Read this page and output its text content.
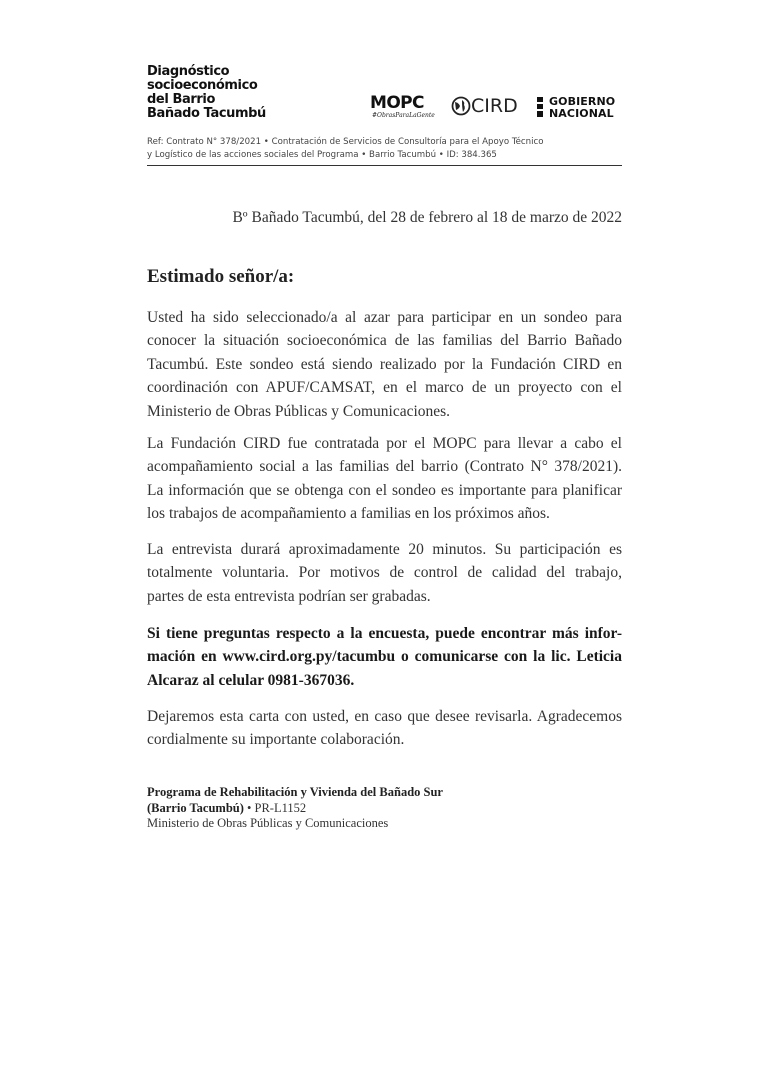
Diagnóstico
socioeconómico
del Barrio
Bañado Tacumbú
MOPC
#ObrasParaLaGente CIRD	GOBIERNO
NACIONAL
Ref: Contrato N° 378/2021 • Contratación de Servicios de Consultoría para el Apoyo Técnico
y Logístico de las acciones sociales del Programa • Barrio Tacumbú • ID: 384.365
Bº Bañado Tacumbú, del 28 de febrero al 18 de marzo de 2022
Estimado señor/a:
Usted ha sido seleccionado/a al azar para participar en un sondeo para
conocer la situación socioeconómica de las familias del Barrio Bañado
Tacumbú. Este sondeo está siendo realizado por la Fundación CIRD en
coordinación con APUF/CAMSAT, en el marco de un proyecto con el
Ministerio de Obras Públicas y Comunicaciones.
La Fundación CIRD fue contratada por el MOPC para llevar a cabo el
acompañamiento social a las familias del barrio (Contrato N° 378/2021).
La información que se obtenga con el sondeo es importante para planificar
los trabajos de acompañamiento a familias en los próximos años.
La entrevista durará aproximadamente 20 minutos. Su participación es
totalmente voluntaria. Por motivos de control de calidad del trabajo,
partes de esta entrevista podrían ser grabadas.
Si tiene preguntas respecto a la encuesta, puede encontrar más infor-
mación en www.cird.org.py/tacumbu o comunicarse con la lic. Leticia
Alcaraz al celular 0981-367036.
Dejaremos esta carta con usted, en caso que desee revisarla. Agradecemos
cordialmente su importante colaboración.
Programa de Rehabilitación y Vivienda del Bañado Sur
(Barrio Tacumbú) • PR-L1152
Ministerio de Obras Públicas y Comunicaciones
